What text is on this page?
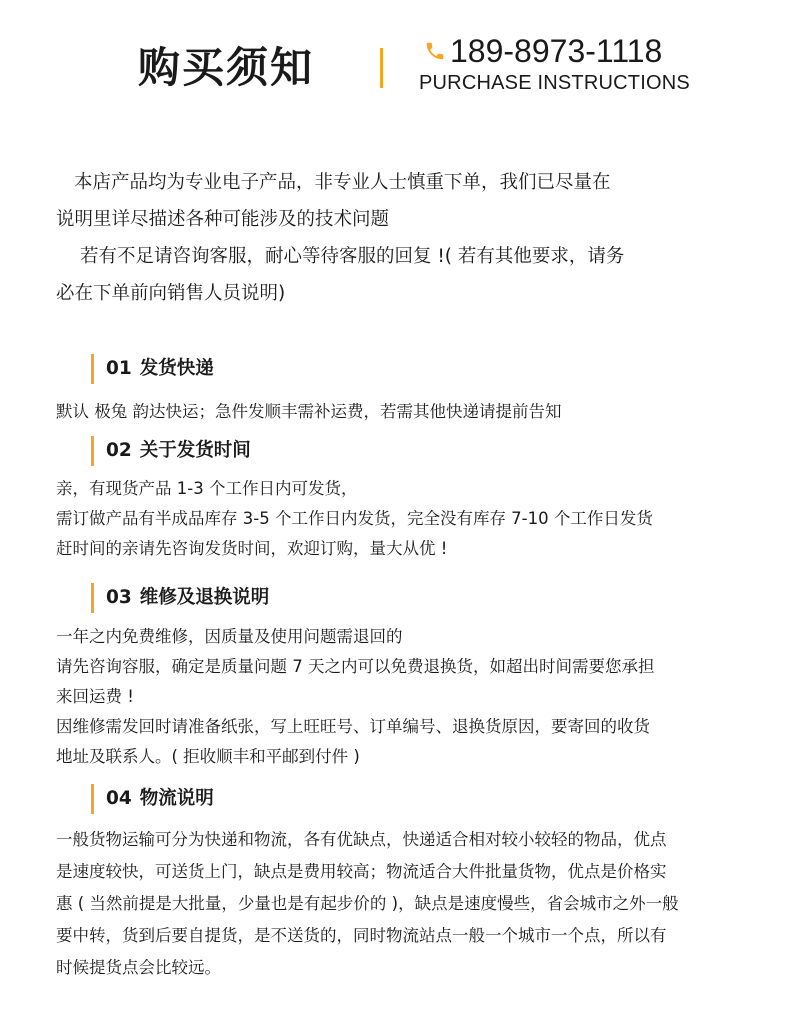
购买须知	189-8973-1118
PURCHASE INSTRUCTIONS

本店产品均为专业电子产品，非专业人士慎重下单，我们已尽量在

说明里详尽描述各种可能涉及的技术问题

若有不足请咨询客服，耐心等待客服的回复 !( 若有其他要求，请务

必在下单前向销售人员说明)

01 发货快递

默认 极兔 韵达快运；急件发顺丰需补运费，若需其他快递请提前告知

02 关于发货时间

亲，有现货产品 1-3 个工作日内可发货，

需订做产品有半成品库存 3-5 个工作日内发货，完全没有库存 7-10 个工作日发货

赶时间的亲请先咨询发货时间，欢迎订购，量大从优 !

03 维修及退换说明

一年之内免费维修，因质量及使用问题需退回的

请先咨询容服，确定是质量问题 7 天之内可以免费退换货，如超出时间需要您承担

来回运费 !

因维修需发回时请准备纸张，写上旺旺号、订单编号、退换货原因，要寄回的收货

地址及联系人。( 拒收顺丰和平邮到付件 )

04 物流说明

一般货物运输可分为快递和物流，各有优缺点，快递适合相对较小较轻的物品，优点

是速度较快，可送货上门，缺点是费用较高；物流适合大件批量货物，优点是价格实

惠 ( 当然前提是大批量，少量也是有起步价的 )，缺点是速度慢些，省会城市之外一般

要中转，货到后要自提货，是不送货的，同时物流站点一般一个城市一个点，所以有

时候提货点会比较远。
